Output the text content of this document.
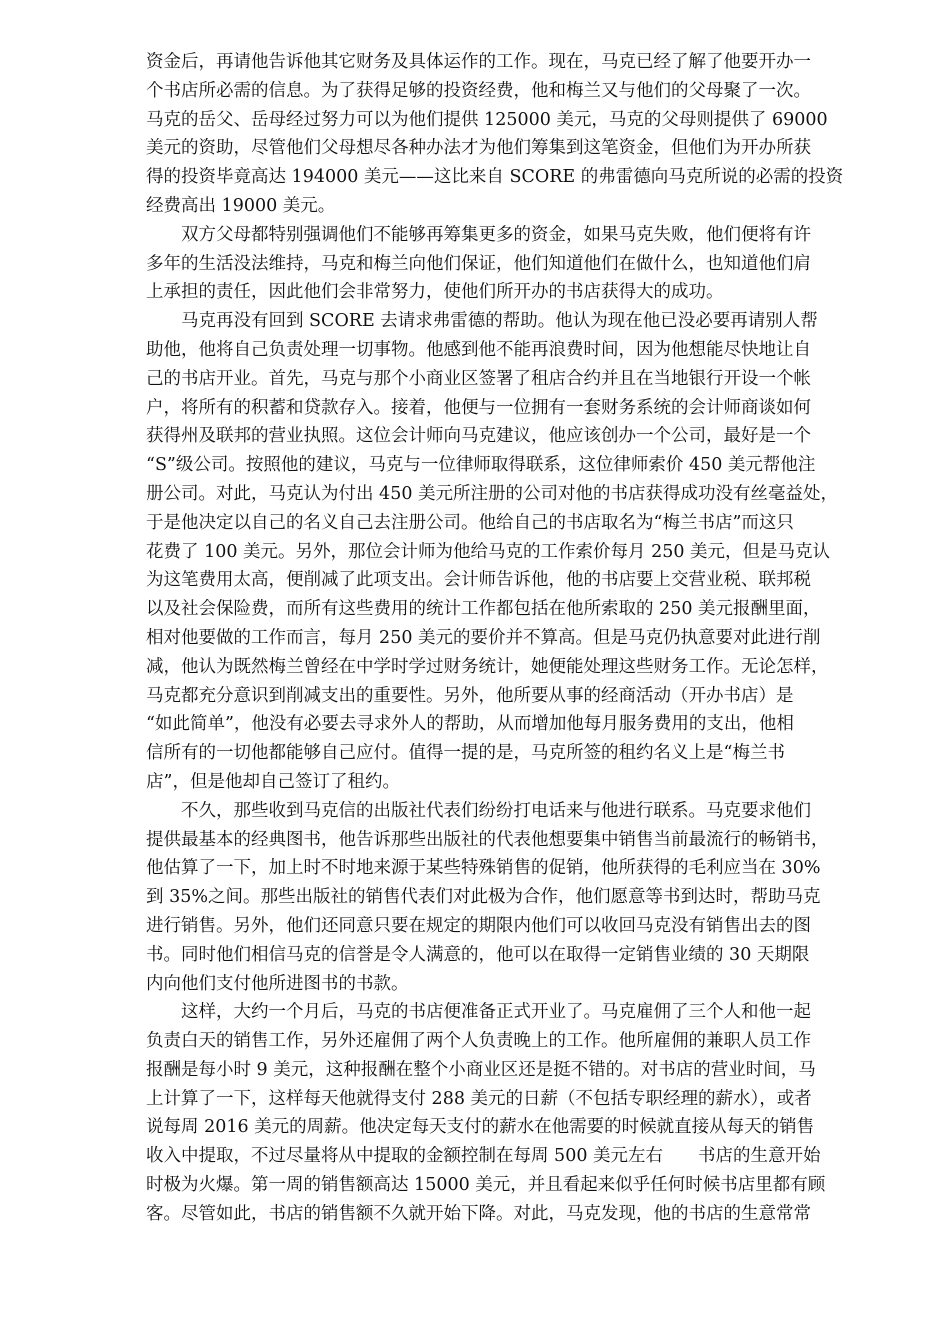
资金后，再请他告诉他其它财务及具体运作的工作。现在，马克已经了解了他要开办一
个书店所必需的信息。为了获得足够的投资经费，他和梅兰又与他们的父母聚了一次。
马克的岳父、岳母经过努力可以为他们提供 125000 美元，马克的父母则提供了 69000
美元的资助，尽管他们父母想尽各种办法才为他们筹集到这笔资金，但他们为开办所获
得的投资毕竟高达 194000 美元——这比来自 SCORE 的弗雷德向马克所说的必需的投资
经费高出 19000 美元。
　　双方父母都特别强调他们不能够再筹集更多的资金，如果马克失败，他们便将有许
多年的生活没法维持，马克和梅兰向他们保证，他们知道他们在做什么，也知道他们肩
上承担的责任，因此他们会非常努力，使他们所开办的书店获得大的成功。
　　马克再没有回到 SCORE 去请求弗雷德的帮助。他认为现在他已没必要再请别人帮
助他，他将自己负责处理一切事物。他感到他不能再浪费时间，因为他想能尽快地让自
己的书店开业。首先，马克与那个小商业区签署了租店合约并且在当地银行开设一个帐
户，将所有的积蓄和贷款存入。接着，他便与一位拥有一套财务系统的会计师商谈如何
获得州及联邦的营业执照。这位会计师向马克建议，他应该创办一个公司，最好是一个
“S”级公司。按照他的建议，马克与一位律师取得联系，这位律师索价 450 美元帮他注
册公司。对此，马克认为付出 450 美元所注册的公司对他的书店获得成功没有丝毫益处，
于是他决定以自己的名义自己去注册公司。他给自己的书店取名为“梅兰书店”而这只
花费了 100 美元。另外，那位会计师为他给马克的工作索价每月 250 美元，但是马克认
为这笔费用太高，便削减了此项支出。会计师告诉他，他的书店要上交营业税、联邦税
以及社会保险费，而所有这些费用的统计工作都包括在他所索取的 250 美元报酬里面，
相对他要做的工作而言，每月 250 美元的要价并不算高。但是马克仍执意要对此进行削
减，他认为既然梅兰曾经在中学时学过财务统计，她便能处理这些财务工作。无论怎样，
马克都充分意识到削减支出的重要性。另外，他所要从事的经商活动（开办书店）是
“如此简单”，他没有必要去寻求外人的帮助，从而增加他每月服务费用的支出，他相
信所有的一切他都能够自己应付。值得一提的是，马克所签的租约名义上是“梅兰书
店”，但是他却自己签订了租约。
　　不久，那些收到马克信的出版社代表们纷纷打电话来与他进行联系。马克要求他们
提供最基本的经典图书，他告诉那些出版社的代表他想要集中销售当前最流行的畅销书，
他估算了一下，加上时不时地来源于某些特殊销售的促销，他所获得的毛利应当在 30%
到 35%之间。那些出版社的销售代表们对此极为合作，他们愿意等书到达时，帮助马克
进行销售。另外，他们还同意只要在规定的期限内他们可以收回马克没有销售出去的图
书。同时他们相信马克的信誉是令人满意的，他可以在取得一定销售业绩的 30 天期限
内向他们支付他所进图书的书款。
　　这样，大约一个月后，马克的书店便准备正式开业了。马克雇佣了三个人和他一起
负责白天的销售工作，另外还雇佣了两个人负责晚上的工作。他所雇佣的兼职人员工作
报酬是每小时 9 美元，这种报酬在整个小商业区还是挺不错的。对书店的营业时间，马
上计算了一下，这样每天他就得支付 288 美元的日薪（不包括专职经理的薪水），或者
说每周 2016 美元的周薪。他决定每天支付的薪水在他需要的时候就直接从每天的销售
收入中提取，不过尽量将从中提取的金额控制在每周 500 美元左右　　书店的生意开始
时极为火爆。第一周的销售额高达 15000 美元，并且看起来似乎任何时候书店里都有顾
客。尽管如此，书店的销售额不久就开始下降。对此，马克发现，他的书店的生意常常
